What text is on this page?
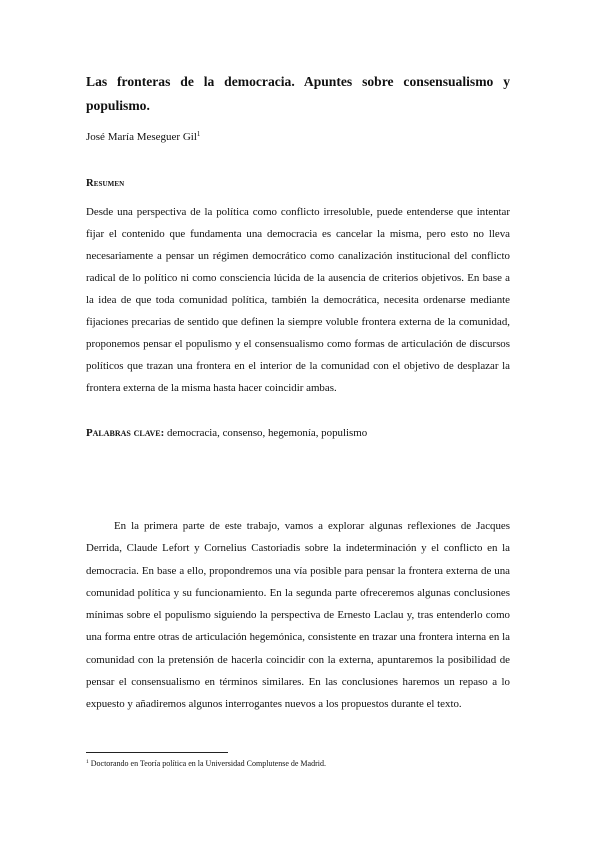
Las fronteras de la democracia. Apuntes sobre consensualismo y populismo.
José María Meseguer Gil$^1$
Resumen

Desde una perspectiva de la política como conflicto irresoluble, puede entenderse que intentar fijar el contenido que fundamenta una democracia es cancelar la misma, pero esto no lleva necesariamente a pensar un régimen democrático como canalización institucional del conflicto radical de lo político ni como consciencia lúcida de la ausencia de criterios objetivos. En base a la idea de que toda comunidad política, también la democrática, necesita ordenarse mediante fijaciones precarias de sentido que definen la siempre voluble frontera externa de la comunidad, proponemos pensar el populismo y el consensualismo como formas de articulación de discursos políticos que trazan una frontera en el interior de la comunidad con el objetivo de desplazar la frontera externa de la misma hasta hacer coincidir ambas.

Palabras clave: democracia, consenso, hegemonía, populismo

En la primera parte de este trabajo, vamos a explorar algunas reflexiones de Jacques Derrida, Claude Lefort y Cornelius Castoriadis sobre la indeterminación y el conflicto en la democracia. En base a ello, propondremos una vía posible para pensar la frontera externa de una comunidad política y su funcionamiento. En la segunda parte ofreceremos algunas conclusiones mínimas sobre el populismo siguiendo la perspectiva de Ernesto Laclau y, tras entenderlo como una forma entre otras de articulación hegemónica, consistente en trazar una frontera interna en la comunidad con la pretensión de hacerla coincidir con la externa, apuntaremos la posibilidad de pensar el consensualismo en términos similares. En las conclusiones haremos un repaso a lo expuesto y añadiremos algunos interrogantes nuevos a los propuestos durante el texto.

$^1$ Doctorando en Teoría política en la Universidad Complutense de Madrid.
